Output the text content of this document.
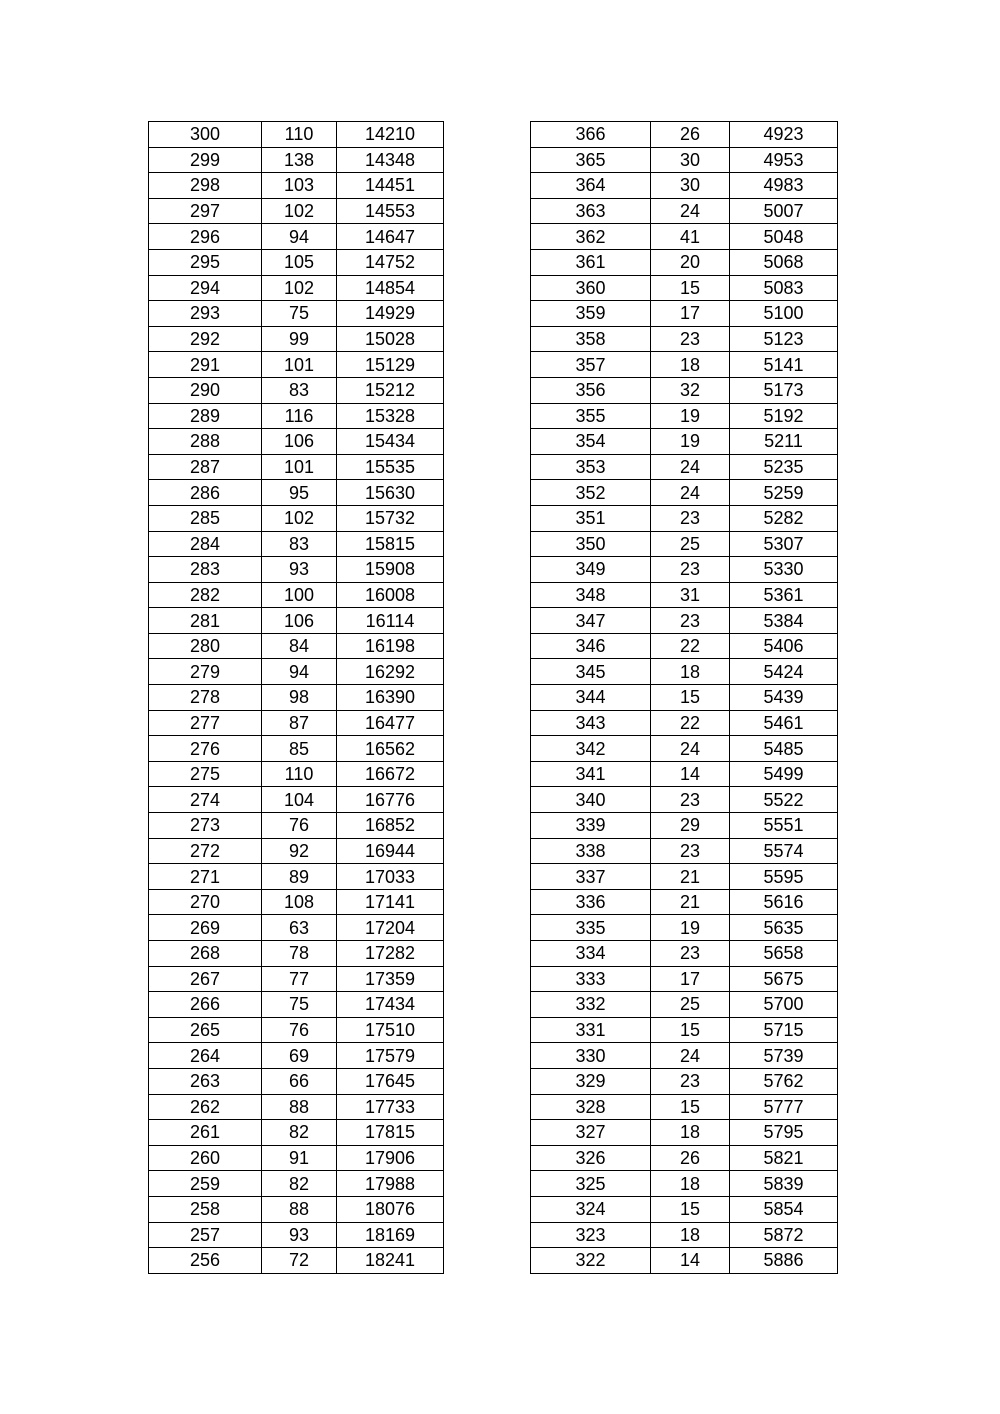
300	110	14210
299	138	14348
298	103	14451
297	102	14553
296	94	14647
295	105	14752
294	102	14854
293	75	14929
292	99	15028
291	101	15129
290	83	15212
289	116	15328
288	106	15434
287	101	15535
286	95	15630
285	102	15732
284	83	15815
283	93	15908
282	100	16008
281	106	16114
280	84	16198
279	94	16292
278	98	16390
277	87	16477
276	85	16562
275	110	16672
274	104	16776
273	76	16852
272	92	16944
271	89	17033
270	108	17141
269	63	17204
268	78	17282
267	77	17359
266	75	17434
265	76	17510
264	69	17579
263	66	17645
262	88	17733
261	82	17815
260	91	17906
259	82	17988
258	88	18076
257	93	18169
256	72	18241
366	26	4923
365	30	4953
364	30	4983
363	24	5007
362	41	5048
361	20	5068
360	15	5083
359	17	5100
358	23	5123
357	18	5141
356	32	5173
355	19	5192
354	19	5211
353	24	5235
352	24	5259
351	23	5282
350	25	5307
349	23	5330
348	31	5361
347	23	5384
346	22	5406
345	18	5424
344	15	5439
343	22	5461
342	24	5485
341	14	5499
340	23	5522
339	29	5551
338	23	5574
337	21	5595
336	21	5616
335	19	5635
334	23	5658
333	17	5675
332	25	5700
331	15	5715
330	24	5739
329	23	5762
328	15	5777
327	18	5795
326	26	5821
325	18	5839
324	15	5854
323	18	5872
322	14	5886
